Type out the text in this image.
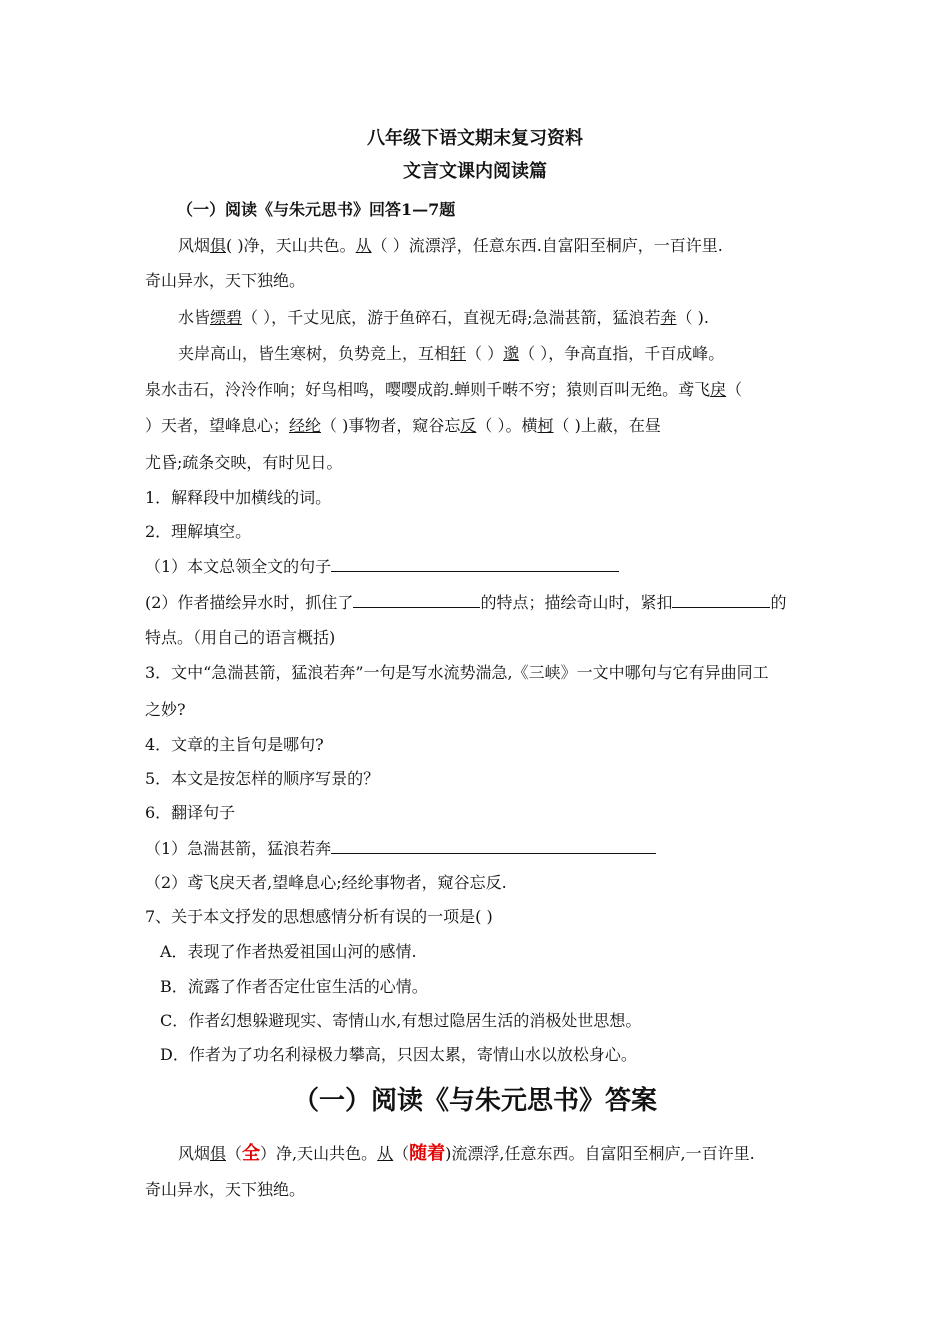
八年级下语文期末复习资料
文言文课内阅读篇
（一）阅读《与朱元思书》回答1—7题
风烟俱( )净，天山共色。从（ ）流漂浮，任意东西.自富阳至桐庐，一百许里.
奇山异水，天下独绝。
水皆缥碧（ ），千丈见底，游于鱼碎石，直视无碍;急湍甚箭，猛浪若奔（ ).
夹岸高山，皆生寒树，负势竞上，互相轩（ ）邈（ ），争高直指，千百成峰。
泉水击石，泠泠作响；好鸟相鸣，嘤嘤成韵.蝉则千啭不穷；猿则百叫无绝。鸢飞戾（
）天者，望峰息心；经纶（ )事物者，窥谷忘反（ ）。横柯（ )上蔽，在昼
尤昏;疏条交映，有时见日。
1．解释段中加横线的词。
2．理解填空。
（1）本文总领全文的句子
(2）作者描绘异水时，抓住了	的特点；描绘奇山时，紧扣	的
特点。（用自己的语言概括)
3．文中“急湍甚箭，猛浪若奔”一句是写水流势湍急,《三峡》一文中哪句与它有异曲同工
之妙?
4．文章的主旨句是哪句?
5．本文是按怎样的顺序写景的？
6．翻译句子
（1）急湍甚箭，猛浪若奔
（2）鸢飞戾天者,望峰息心;经纶事物者，窥谷忘反.
7、关于本文抒发的思想感情分析有误的一项是( )
A．表现了作者热爱祖国山河的感情.
B．流露了作者否定仕宦生活的心情。
C．作者幻想躲避现实、寄情山水,有想过隐居生活的消极处世思想。
D．作者为了功名利禄极力攀高，只因太累，寄情山水以放松身心。
（一）阅读《与朱元思书》答案
风烟俱（全）净,天山共色。从（随着)流漂浮,任意东西。自富阳至桐庐,一百许里.
奇山异水，天下独绝。
